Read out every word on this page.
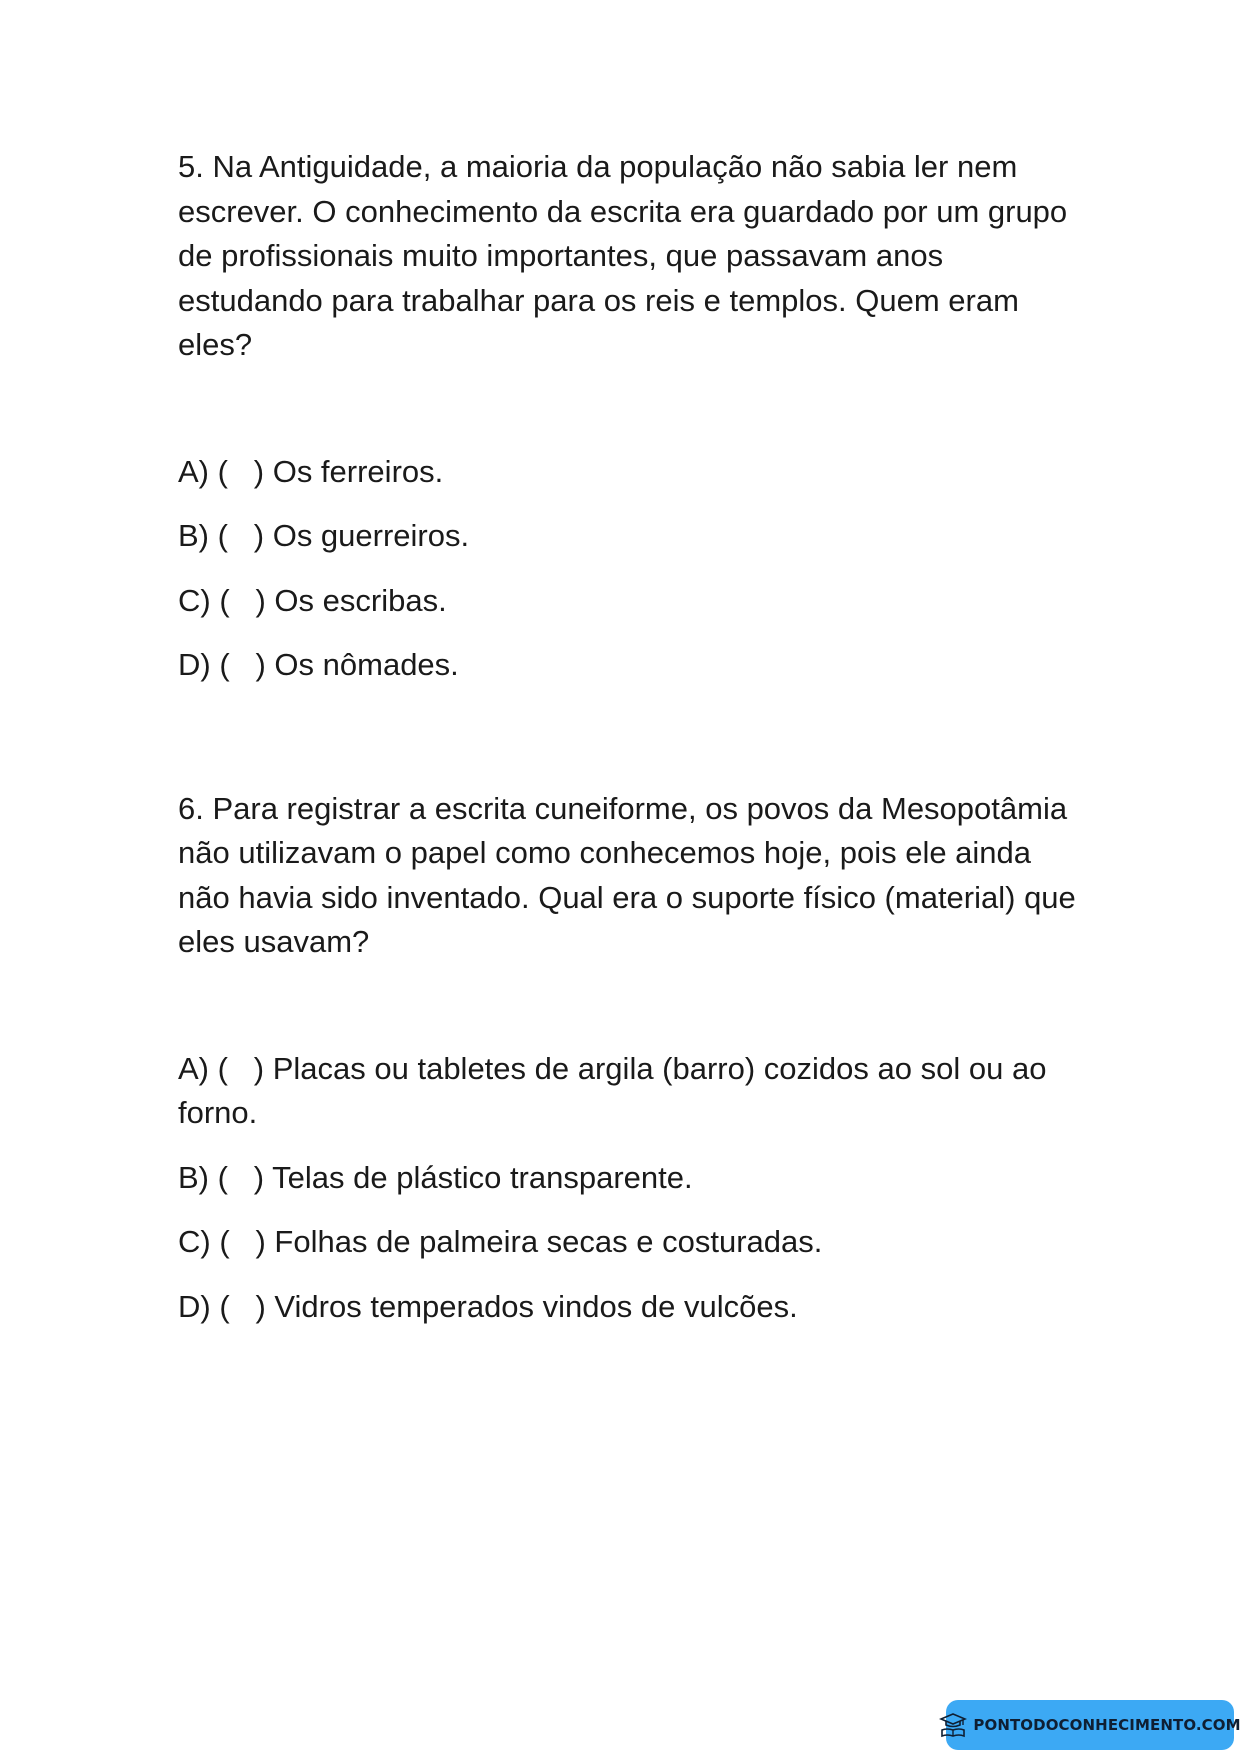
5. Na Antiguidade, a maioria da população não sabia ler nem escrever. O conhecimento da escrita era guardado por um grupo de profissionais muito importantes, que passavam anos estudando para trabalhar para os reis e templos. Quem eram eles?

A) (   ) Os ferreiros.
B) (   ) Os guerreiros.
C) (   ) Os escribas.
D) (   ) Os nômades.

6. Para registrar a escrita cuneiforme, os povos da Mesopotâmia não utilizavam o papel como conhecemos hoje, pois ele ainda não havia sido inventado. Qual era o suporte físico (material) que eles usavam?

A) (   ) Placas ou tabletes de argila (barro) cozidos ao sol ou ao forno.
B) (   ) Telas de plástico transparente.
C) (   ) Folhas de palmeira secas e costuradas.
D) (   ) Vidros temperados vindos de vulcões.
PONTODOCONHECIMENTO.COM
